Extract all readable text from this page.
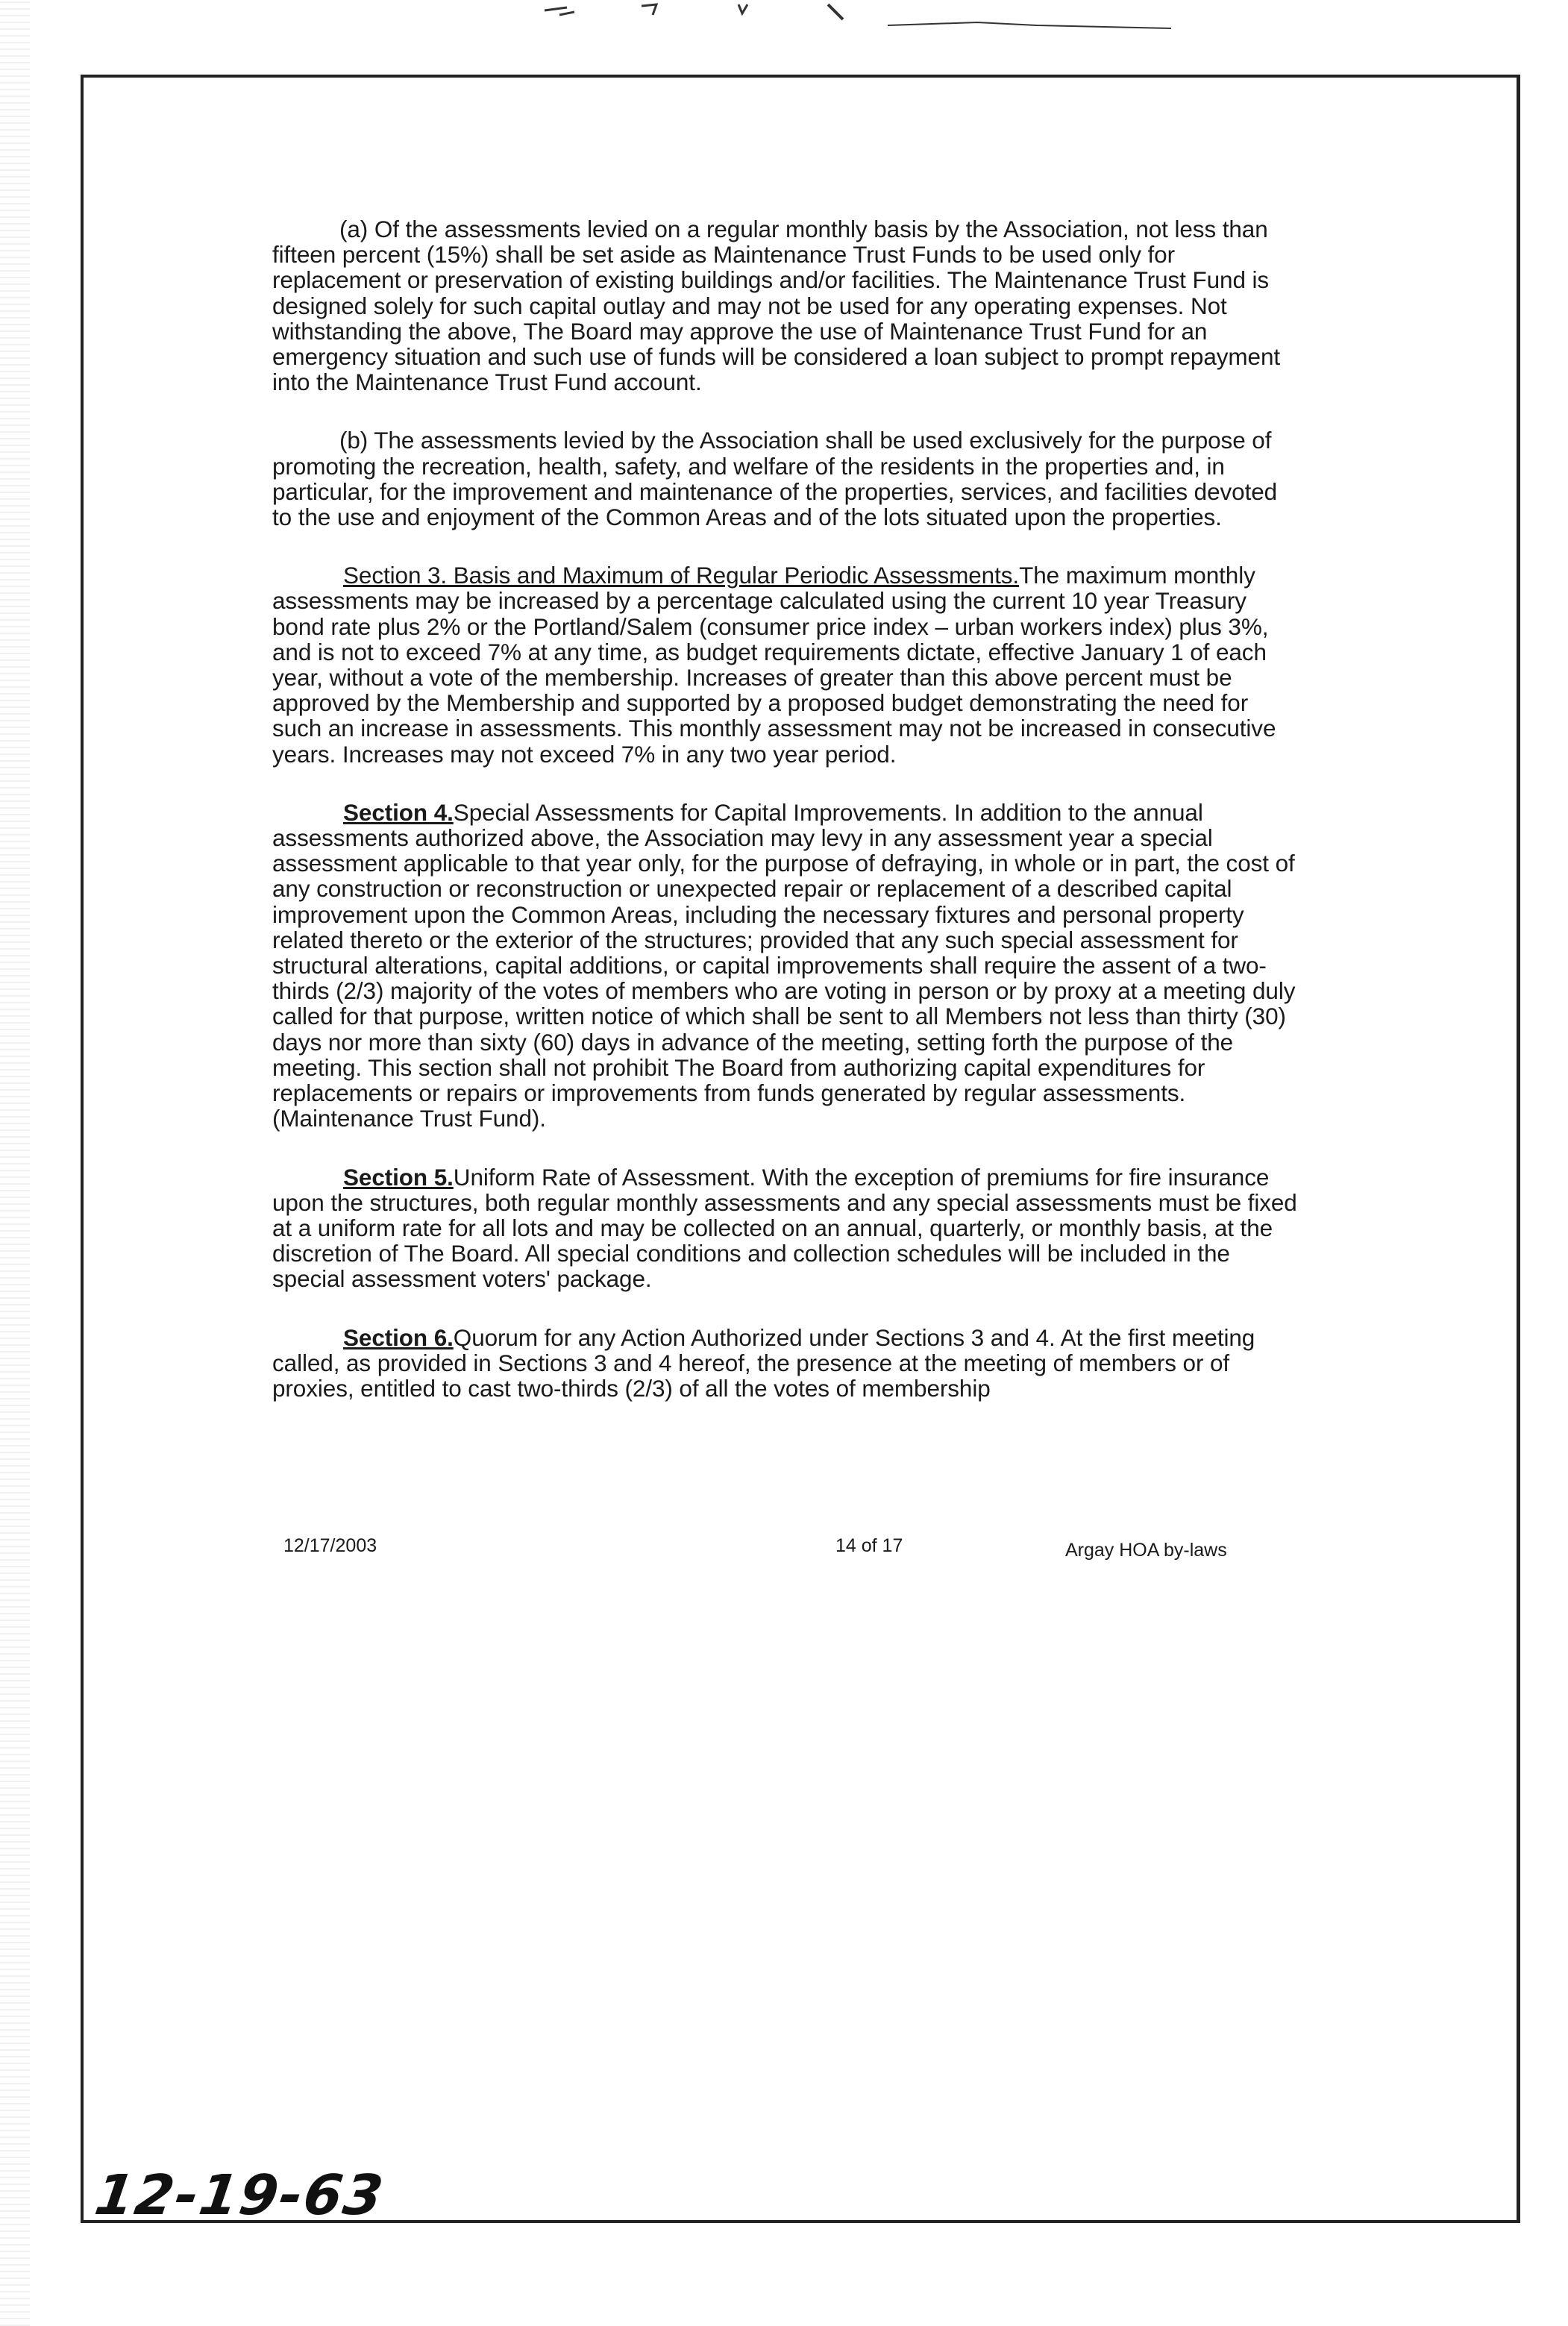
(a) Of the assessments levied on a regular monthly basis by the Association, not less than fifteen percent (15%) shall be set aside as Maintenance Trust Funds to be used only for replacement or preservation of existing buildings and/or facilities. The Maintenance Trust Fund is designed solely for such capital outlay and may not be used for any operating expenses. Not withstanding the above, The Board may approve the use of Maintenance Trust Fund for an emergency situation and such use of funds will be considered a loan subject to prompt repayment into the Maintenance Trust Fund account.

(b) The assessments levied by the Association shall be used exclusively for the purpose of promoting the recreation, health, safety, and welfare of the residents in the properties and, in particular, for the improvement and maintenance of the properties, services, and facilities devoted to the use and enjoyment of the Common Areas and of the lots situated upon the properties.

Section 3. Basis and Maximum of Regular Periodic Assessments.The maximum monthly assessments may be increased by a percentage calculated using the current 10 year Treasury bond rate plus 2% or the Portland/Salem (consumer price index – urban workers index) plus 3%, and is not to exceed 7% at any time, as budget requirements dictate, effective January 1 of each year, without a vote of the membership. Increases of greater than this above percent must be approved by the Membership and supported by a proposed budget demonstrating the need for such an increase in assessments. This monthly assessment may not be increased in consecutive years. Increases may not exceed 7% in any two year period.

Section 4.Special Assessments for Capital Improvements. In addition to the annual assessments authorized above, the Association may levy in any assessment year a special assessment applicable to that year only, for the purpose of defraying, in whole or in part, the cost of any construction or reconstruction or unexpected repair or replacement of a described capital improvement upon the Common Areas, including the necessary fixtures and personal property related thereto or the exterior of the structures; provided that any such special assessment for structural alterations, capital additions, or capital improvements shall require the assent of a two-thirds (2/3) majority of the votes of members who are voting in person or by proxy at a meeting duly called for that purpose, written notice of which shall be sent to all Members not less than thirty (30) days nor more than sixty (60) days in advance of the meeting, setting forth the purpose of the meeting. This section shall not prohibit The Board from authorizing capital expenditures for replacements or repairs or improvements from funds generated by regular assessments. (Maintenance Trust Fund).

Section 5.Uniform Rate of Assessment. With the exception of premiums for fire insurance upon the structures, both regular monthly assessments and any special assessments must be fixed at a uniform rate for all lots and may be collected on an annual, quarterly, or monthly basis, at the discretion of The Board. All special conditions and collection schedules will be included in the special assessment voters' package.

Section 6.Quorum for any Action Authorized under Sections 3 and 4. At the first meeting called, as provided in Sections 3 and 4 hereof, the presence at the meeting of members or of proxies, entitled to cast two-thirds (2/3) of all the votes of membership

12/17/2003	14 of 17	Argay HOA by-laws
12-19-63
